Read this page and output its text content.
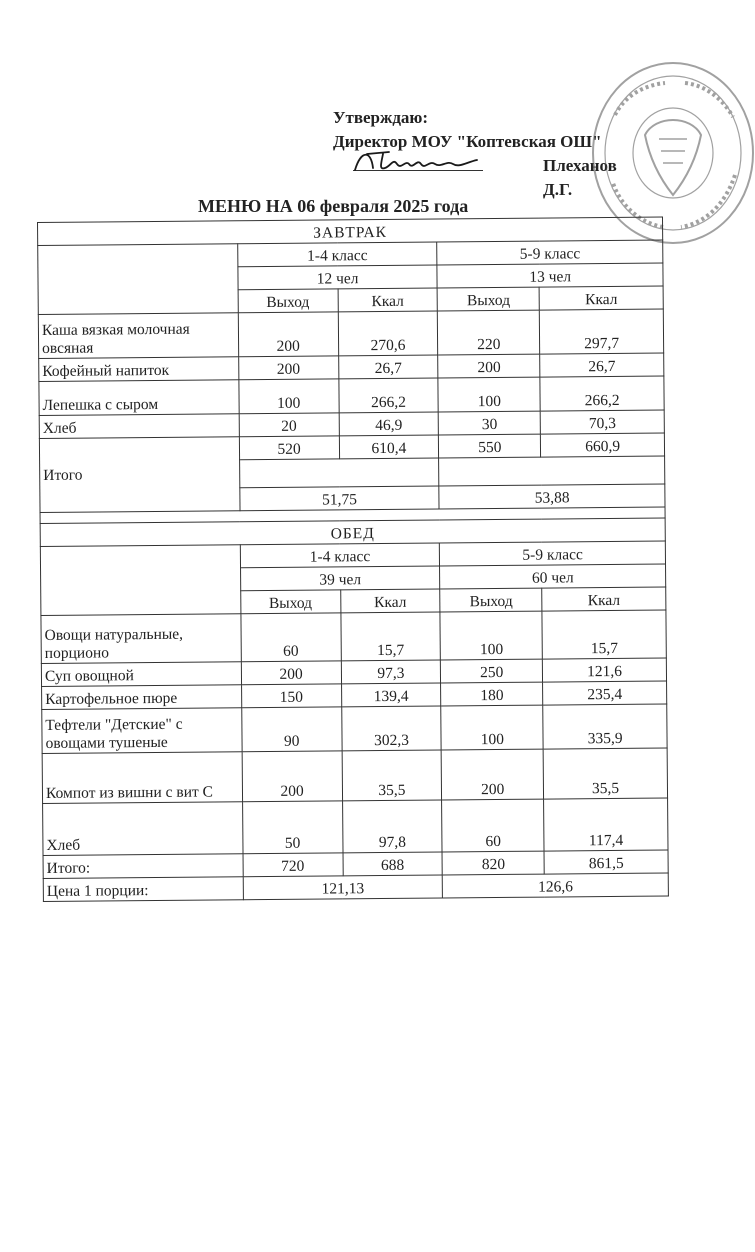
Утверждаю:
Директор МОУ "Коптевская ОШ"
Плеханов Д.Г.
МЕНЮ НА 06 февраля 2025 года
ЗАВТРАК				
	1-4 класс		5-9 класс	
	12 чел		13 чел	
	Выход	Ккал	Выход	Ккал
Каша вязкая молочная овсяная	200	270,6	220	297,7
Кофейный напиток	200	26,7	200	26,7
Лепешка с сыром	100	266,2	100	266,2
Хлеб	20	46,9	30	70,3
Итого	520	610,4	550	660,9

	51,75		53,88	

ОБЕД				
	1-4 класс		5-9 класс	
	39 чел		60 чел	
	Выход	Ккал	Выход	Ккал
Овощи натуральные, порционо	60	15,7	100	15,7
Суп овощной	200	97,3	250	121,6
Картофельное пюре	150	139,4	180	235,4
Тефтели "Детские" с овощами тушеные	90	302,3	100	335,9
Компот из вишни с вит С	200	35,5	200	35,5
Хлеб	50	97,8	60	117,4
Итого:	720	688	820	861,5
Цена 1 порции:	121,13		126,6	
